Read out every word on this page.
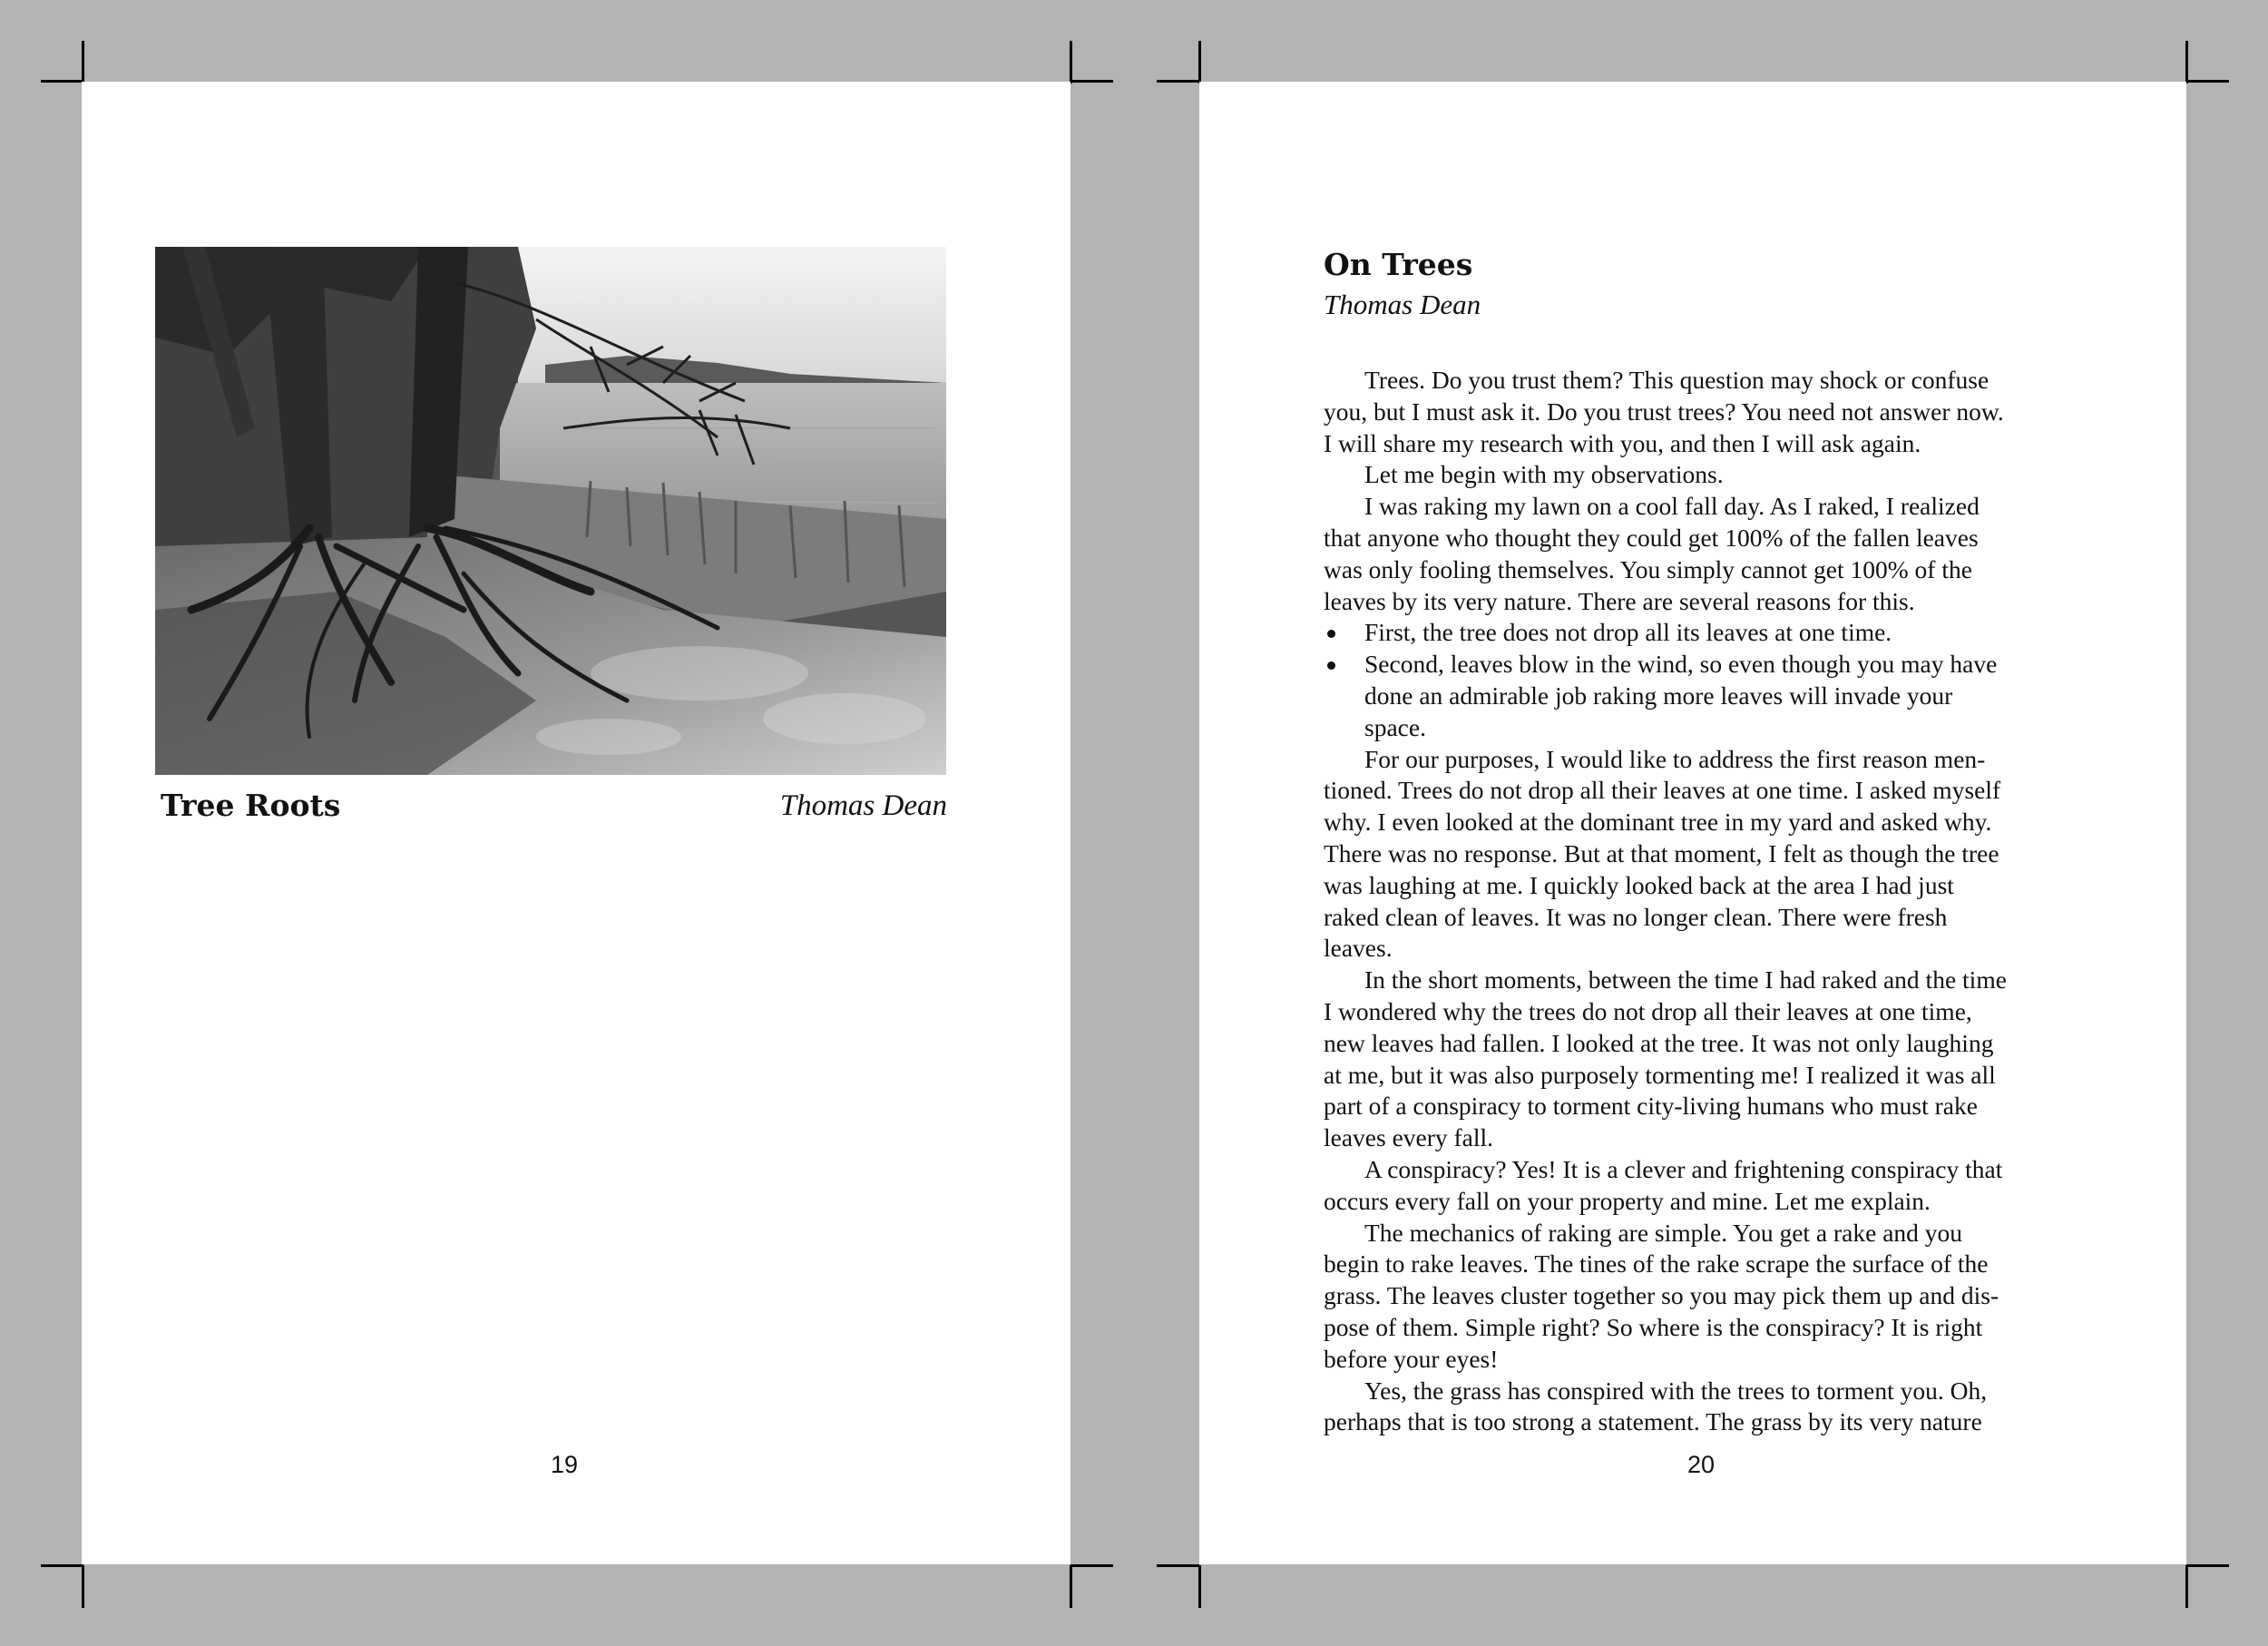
Tree Roots	Thomas Dean
19
On Trees
Thomas Dean
Trees. Do you trust them? This question may shock or confuse
you, but I must ask it. Do you trust trees? You need not answer now.
I will share my research with you, and then I will ask again.
Let me begin with my observations.
I was raking my lawn on a cool fall day. As I raked, I realized
that anyone who thought they could get 100% of the fallen leaves
was only fooling themselves. You simply cannot get 100% of the
leaves by its very nature. There are several reasons for this.
First, the tree does not drop all its leaves at one time.
Second, leaves blow in the wind, so even though you may have
done an admirable job raking more leaves will invade your
space.
For our purposes, I would like to address the first reason men-
tioned. Trees do not drop all their leaves at one time. I asked myself
why. I even looked at the dominant tree in my yard and asked why.
There was no response. But at that moment, I felt as though the tree
was laughing at me. I quickly looked back at the area I had just
raked clean of leaves. It was no longer clean. There were fresh
leaves.
In the short moments, between the time I had raked and the time
I wondered why the trees do not drop all their leaves at one time,
new leaves had fallen. I looked at the tree. It was not only laughing
at me, but it was also purposely tormenting me! I realized it was all
part of a conspiracy to torment city-living humans who must rake
leaves every fall.
A conspiracy? Yes! It is a clever and frightening conspiracy that
occurs every fall on your property and mine. Let me explain.
The mechanics of raking are simple. You get a rake and you
begin to rake leaves. The tines of the rake scrape the surface of the
grass. The leaves cluster together so you may pick them up and dis-
pose of them. Simple right? So where is the conspiracy? It is right
before your eyes!
Yes, the grass has conspired with the trees to torment you. Oh,
perhaps that is too strong a statement. The grass by its very nature
20
